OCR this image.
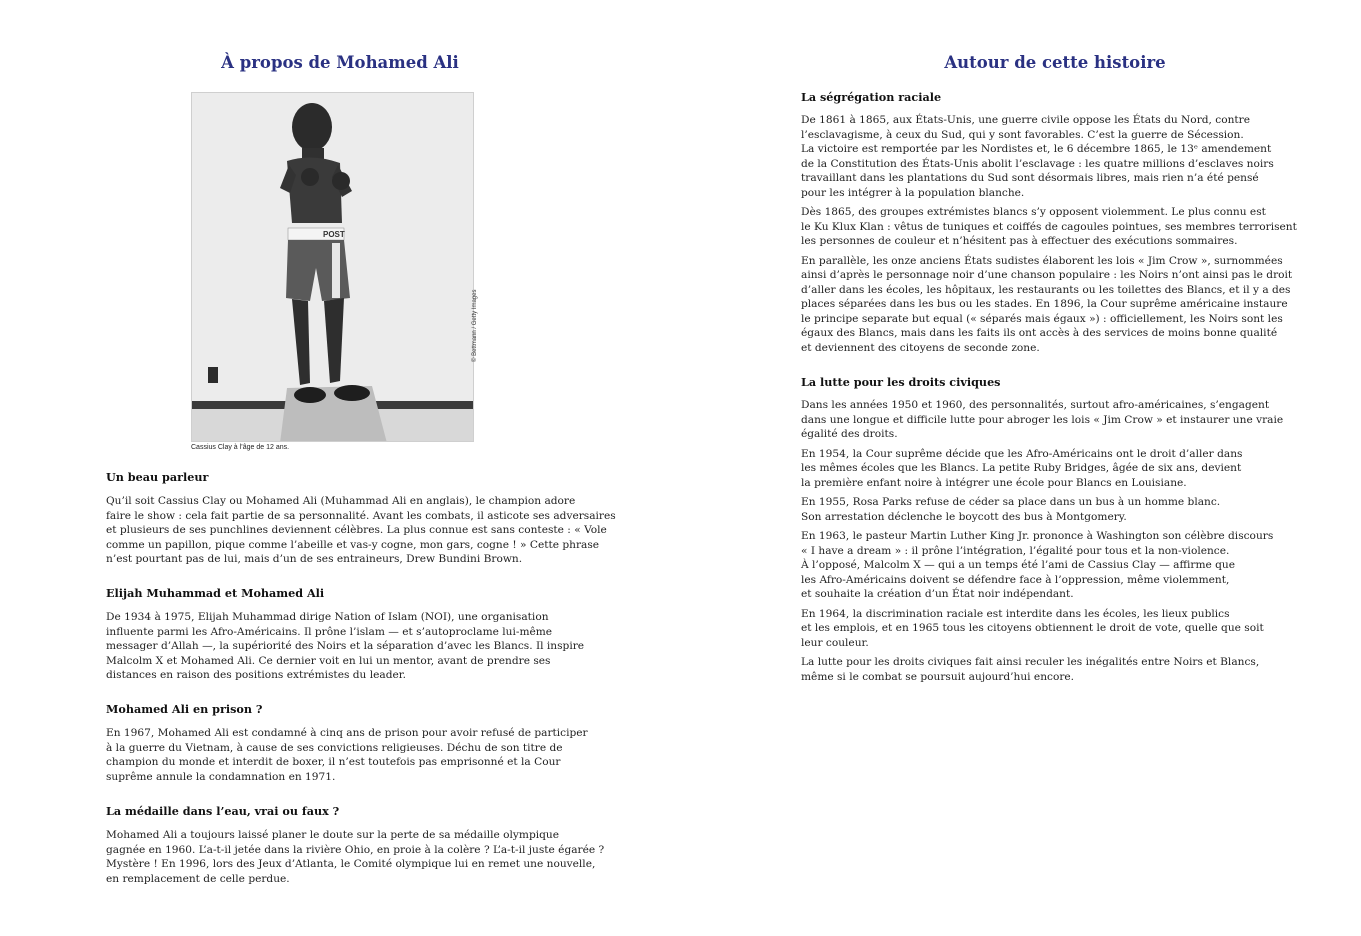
À propos de Mohamed Ali
POST
Cassius Clay à l’âge de 12 ans.
© Bettmann / Getty Images
Un beau parleur

Qu’il soit Cassius Clay ou Mohamed Ali (Muhammad Ali en anglais), le champion adore

faire le show : cela fait partie de sa personnalité. Avant les combats, il asticote ses adversaires

et plusieurs de ses punchlines deviennent célèbres. La plus connue est sans conteste : « Vole

comme un papillon, pique comme l’abeille et vas-y cogne, mon gars, cogne ! » Cette phrase

n’est pourtant pas de lui, mais d’un de ses entraineurs, Drew Bundini Brown.

Elijah Muhammad et Mohamed Ali

De 1934 à 1975, Elijah Muhammad dirige Nation of Islam (NOI), une organisation

influente parmi les Afro-Américains. Il prône l’islam — et s’autoproclame lui-même

messager d’Allah —, la supériorité des Noirs et la séparation d’avec les Blancs. Il inspire

Malcolm X et Mohamed Ali. Ce dernier voit en lui un mentor, avant de prendre ses

distances en raison des positions extrémistes du leader.

Mohamed Ali en prison ?

En 1967, Mohamed Ali est condamné à cinq ans de prison pour avoir refusé de participer

à la guerre du Vietnam, à cause de ses convictions religieuses. Déchu de son titre de

champion du monde et interdit de boxer, il n’est toutefois pas emprisonné et la Cour

suprême annule la condamnation en 1971.

La médaille dans l’eau, vrai ou faux ?

Mohamed Ali a toujours laissé planer le doute sur la perte de sa médaille olympique

gagnée en 1960. L’a-t-il jetée dans la rivière Ohio, en proie à la colère ? L’a-t-il juste égarée ?

Mystère ! En 1996, lors des Jeux d’Atlanta, le Comité olympique lui en remet une nouvelle,

en remplacement de celle perdue.

Autour de cette histoire
La ségrégation raciale

De 1861 à 1865, aux États-Unis, une guerre civile oppose les États du Nord, contre

l’esclavagisme, à ceux du Sud, qui y sont favorables. C’est la guerre de Sécession.

La victoire est remportée par les Nordistes et, le 6 décembre 1865, le 13ᵉ amendement

de la Constitution des États-Unis abolit l’esclavage : les quatre millions d’esclaves noirs

travaillant dans les plantations du Sud sont désormais libres, mais rien n’a été pensé

pour les intégrer à la population blanche.

Dès 1865, des groupes extrémistes blancs s’y opposent violemment. Le plus connu est

le Ku Klux Klan : vêtus de tuniques et coiffés de cagoules pointues, ses membres terrorisent

les personnes de couleur et n’hésitent pas à effectuer des exécutions sommaires.

En parallèle, les onze anciens États sudistes élaborent les lois « Jim Crow », surnommées

ainsi d’après le personnage noir d’une chanson populaire : les Noirs n’ont ainsi pas le droit

d’aller dans les écoles, les hôpitaux, les restaurants ou les toilettes des Blancs, et il y a des

places séparées dans les bus ou les stades. En 1896, la Cour suprême américaine instaure

le principe separate but equal (« séparés mais égaux ») : officiellement, les Noirs sont les

égaux des Blancs, mais dans les faits ils ont accès à des services de moins bonne qualité

et deviennent des citoyens de seconde zone.

La lutte pour les droits civiques

Dans les années 1950 et 1960, des personnalités, surtout afro-américaines, s’engagent

dans une longue et difficile lutte pour abroger les lois « Jim Crow » et instaurer une vraie

égalité des droits.

En 1954, la Cour suprême décide que les Afro-Américains ont le droit d’aller dans

les mêmes écoles que les Blancs. La petite Ruby Bridges, âgée de six ans, devient

la première enfant noire à intégrer une école pour Blancs en Louisiane.

En 1955, Rosa Parks refuse de céder sa place dans un bus à un homme blanc.

Son arrestation déclenche le boycott des bus à Montgomery.

En 1963, le pasteur Martin Luther King Jr. prononce à Washington son célèbre discours

« I have a dream » : il prône l’intégration, l’égalité pour tous et la non-violence.

À l’opposé, Malcolm X — qui a un temps été l’ami de Cassius Clay — affirme que

les Afro-Américains doivent se défendre face à l’oppression, même violemment,

et souhaite la création d’un État noir indépendant.

En 1964, la discrimination raciale est interdite dans les écoles, les lieux publics

et les emplois, et en 1965 tous les citoyens obtiennent le droit de vote, quelle que soit

leur couleur.

La lutte pour les droits civiques fait ainsi reculer les inégalités entre Noirs et Blancs,

même si le combat se poursuit aujourd’hui encore.
